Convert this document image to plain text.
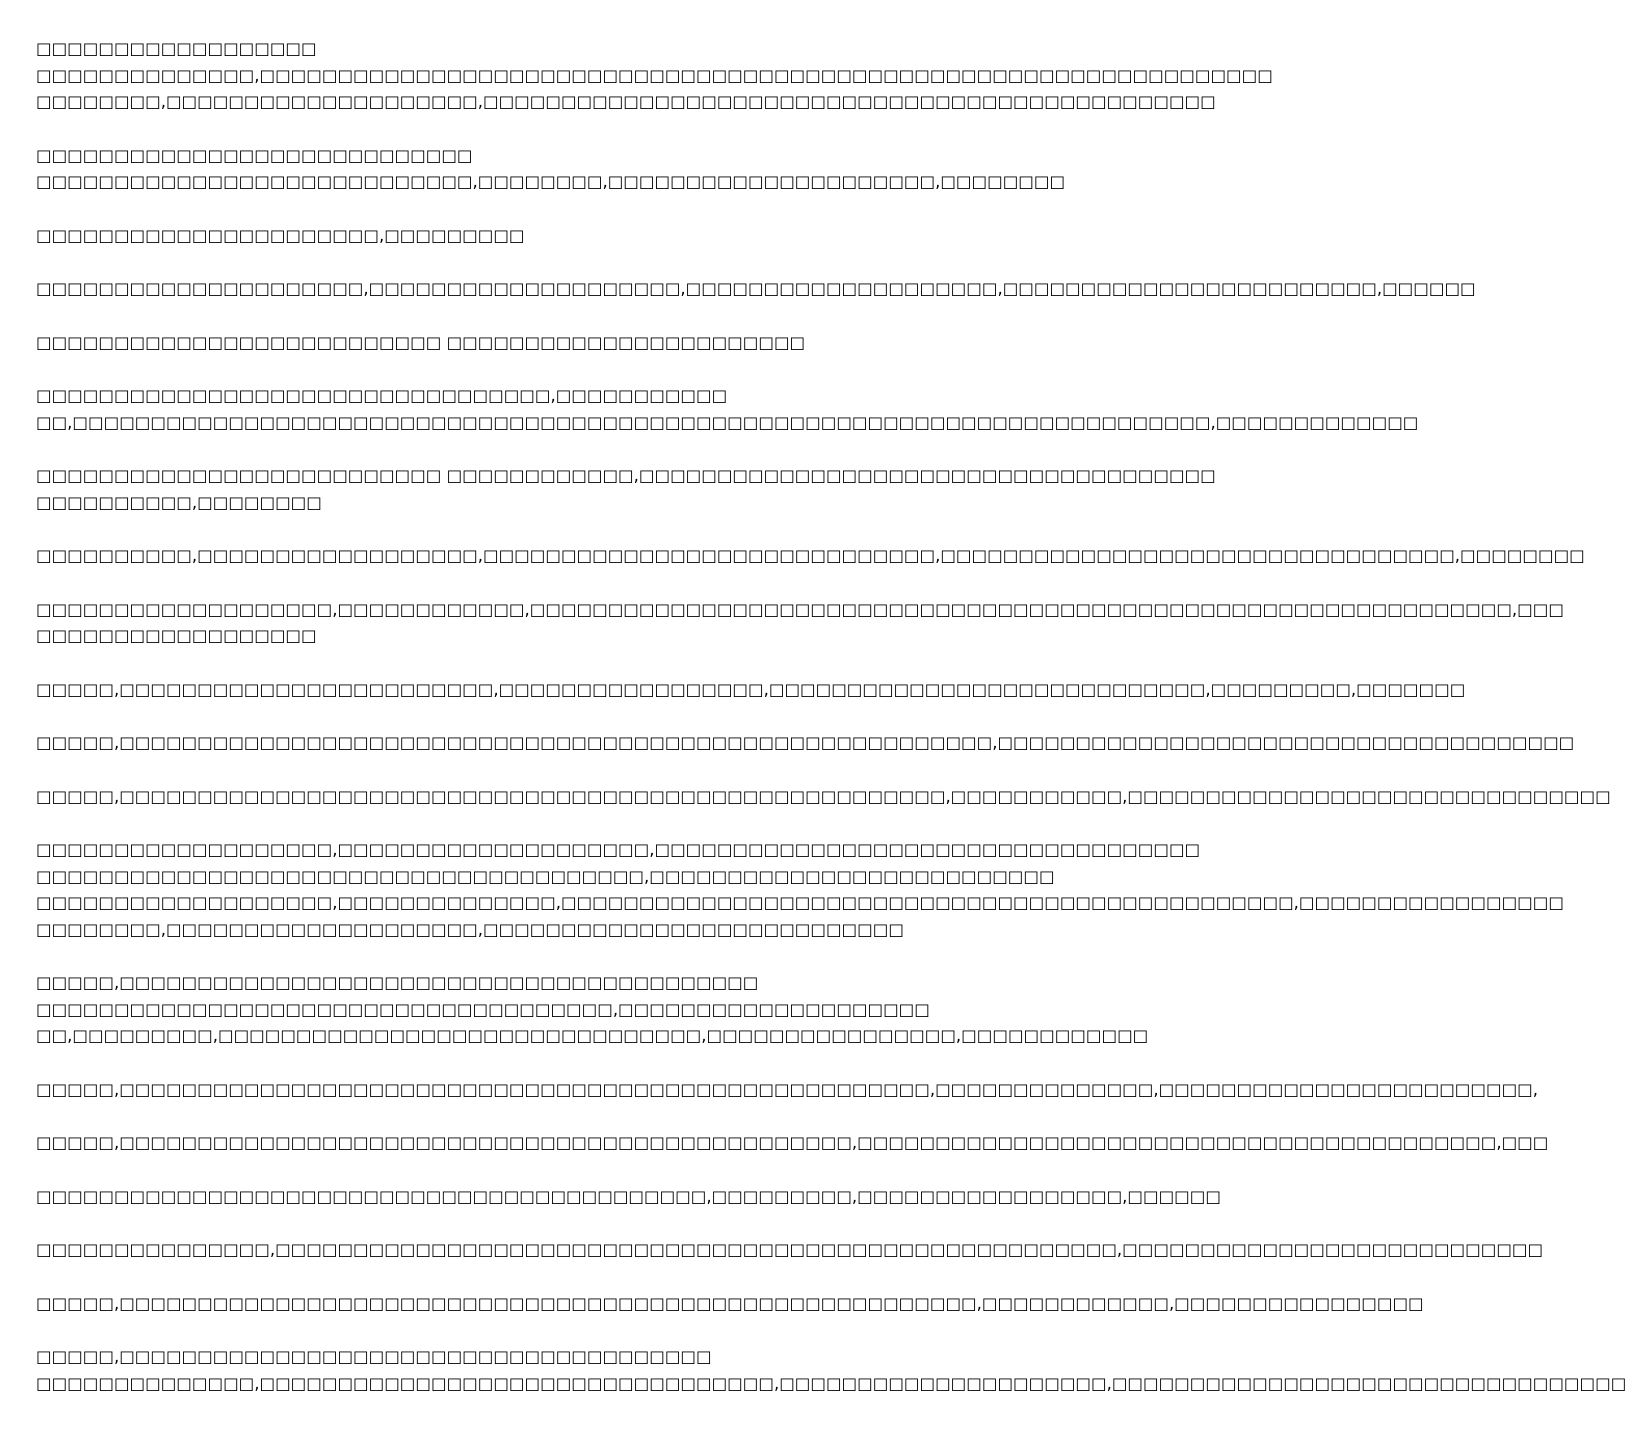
□□□□□□□□□□□□□□□□□□
□□□□□□□□□□□□□□,□□□□□□□□□□□□□□□□□□□□□□□□□□□□□□□□□□□□□□□□□□□□□□□□□□□□□□□□□□□□□□□□□
□□□□□□□□,□□□□□□□□□□□□□□□□□□□□,□□□□□□□□□□□□□□□□□□□□□□□□□□□□□□□□□□□□□□□□□□□□□□□
□□□□□□□□□□□□□□□□□□□□□□□□□□□□
□□□□□□□□□□□□□□□□□□□□□□□□□□□□,□□□□□□□□,□□□□□□□□□□□□□□□□□□□□□,□□□□□□□□
□□□□□□□□□□□□□□□□□□□□□□,□□□□□□□□□
□□□□□□□□□□□□□□□□□□□□□,□□□□□□□□□□□□□□□□□□□□,□□□□□□□□□□□□□□□□□□□□,□□□□□□□□□□□□□□□□□□□□□□□□,□□□□□□
□□□□□□□□□□□□□□□□□□□□□□□□□□ □□□□□□□□□□□□□□□□□□□□□□□
□□□□□□□□□□□□□□□□□□□□□□□□□□□□□□□□□,□□□□□□□□□□□
□□,□□□□□□□□□□□□□□□□□□□□□□□□□□□□□□□□□□□□□□□□□□□□□□□□□□□□□□□□□□□□□□□□□□□□□□□□□,□□□□□□□□□□□□□
□□□□□□□□□□□□□□□□□□□□□□□□□□ □□□□□□□□□□□□,□□□□□□□□□□□□□□□□□□□□□□□□□□□□□□□□□□□□□
□□□□□□□□□□,□□□□□□□□
□□□□□□□□□□,□□□□□□□□□□□□□□□□□□,□□□□□□□□□□□□□□□□□□□□□□□□□□□□□,□□□□□□□□□□□□□□□□□□□□□□□□□□□□□□□□□,□□□□□□□□
□□□□□□□□□□□□□□□□□□□,□□□□□□□□□□□□,□□□□□□□□□□□□□□□□□□□□□□□□□□□□□□□□□□□□□□□□□□□□□□□□□□□□□□□□□□□□□□□,□□□
□□□□□□□□□□□□□□□□□□
□□□□□,□□□□□□□□□□□□□□□□□□□□□□□□,□□□□□□□□□□□□□□□□□,□□□□□□□□□□□□□□□□□□□□□□□□□□□□,□□□□□□□□□,□□□□□□□
□□□□□,□□□□□□□□□□□□□□□□□□□□□□□□□□□□□□□□□□□□□□□□□□□□□□□□□□□□□□□□,□□□□□□□□□□□□□□□□□□□□□□□□□□□□□□□□□□□□□
□□□□□,□□□□□□□□□□□□□□□□□□□□□□□□□□□□□□□□□□□□□□□□□□□□□□□□□□□□□,□□□□□□□□□□□,□□□□□□□□□□□□□□□□□□□□□□□□□□□□□□□
□□□□□□□□□□□□□□□□□□□,□□□□□□□□□□□□□□□□□□□□,□□□□□□□□□□□□□□□□□□□□□□□□□□□□□□□□□□□
□□□□□□□□□□□□□□□□□□□□□□□□□□□□□□□□□□□□□□□,□□□□□□□□□□□□□□□□□□□□□□□□□□
□□□□□□□□□□□□□□□□□□□,□□□□□□□□□□□□□□,□□□□□□□□□□□□□□□□□□□□□□□□□□□□□□□□□□□□□□□□□□□□□□□,□□□□□□□□□□□□□□□□□
□□□□□□□□,□□□□□□□□□□□□□□□□□□□□,□□□□□□□□□□□□□□□□□□□□□□□□□□□
□□□□□,□□□□□□□□□□□□□□□□□□□□□□□□□□□□□□□□□□□□□□□□□
□□□□□□□□□□□□□□□□□□□□□□□□□□□□□□□□□□□□□,□□□□□□□□□□□□□□□□□□□□
□□,□□□□□□□□□,□□□□□□□□□□□□□□□□□□□□□□□□□□□□□□□,□□□□□□□□□□□□□□□□,□□□□□□□□□□□□
□□□□□,□□□□□□□□□□□□□□□□□□□□□□□□□□□□□□□□□□□□□□□□□□□□□□□□□□□□,□□□□□□□□□□□□□□,□□□□□□□□□□□□□□□□□□□□□□□□,
□□□□□,□□□□□□□□□□□□□□□□□□□□□□□□□□□□□□□□□□□□□□□□□□□□□□□,□□□□□□□□□□□□□□□□□□□□□□□□□□□□□□□□□□□□□□□□□,□□□
□□□□□□□□□□□□□□□□□□□□□□□□□□□□□□□□□□□□□□□□□□□,□□□□□□□□□,□□□□□□□□□□□□□□□□□,□□□□□□
□□□□□□□□□□□□□□□,□□□□□□□□□□□□□□□□□□□□□□□□□□□□□□□□□□□□□□□□□□□□□□□□□□□□□□,□□□□□□□□□□□□□□□□□□□□□□□□□□□
□□□□□,□□□□□□□□□□□□□□□□□□□□□□□□□□□□□□□□□□□□□□□□□□□□□□□□□□□□□□□,□□□□□□□□□□□□,□□□□□□□□□□□□□□□□
□□□□□,□□□□□□□□□□□□□□□□□□□□□□□□□□□□□□□□□□□□□□
□□□□□□□□□□□□□□,□□□□□□□□□□□□□□□□□□□□□□□□□□□□□□□□□,□□□□□□□□□□□□□□□□□□□□□,□□□□□□□□□□□□□□□□□□□□□□□□□□□□□□□□□
